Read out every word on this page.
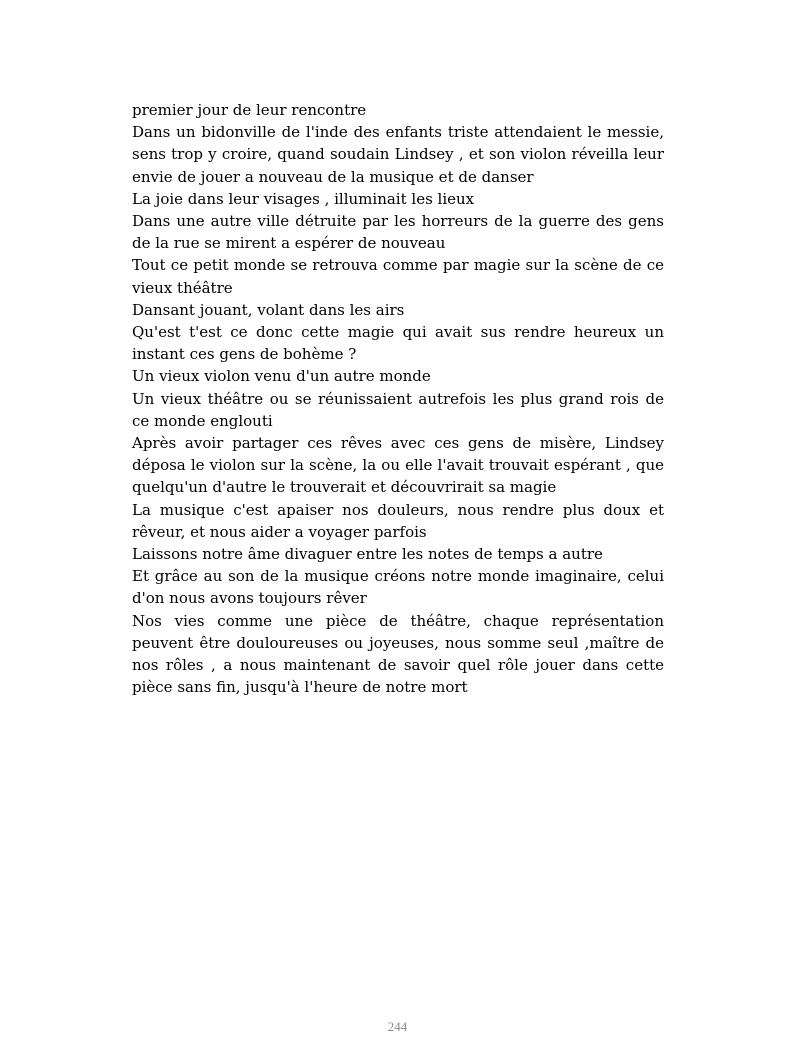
premier jour de leur rencontre

Dans un bidonville de l'inde des enfants triste attendaient le messie, sens trop y croire, quand soudain Lindsey , et son violon réveilla leur envie de jouer a nouveau de la musique et de danser

La joie dans leur visages , illuminait les lieux

Dans une autre ville détruite par les horreurs de la guerre des gens de la rue se mirent a espérer de nouveau

Tout ce petit monde se retrouva comme par magie sur la scène de ce vieux théâtre

Dansant jouant, volant dans les airs

Qu'est t'est ce donc cette magie qui avait sus rendre heureux un instant ces gens de bohème ?

Un vieux violon venu d'un autre monde

Un vieux théâtre ou se réunissaient autrefois les plus grand rois de ce monde englouti

Après avoir partager ces rêves avec ces gens de misère, Lindsey déposa le violon sur la scène, la ou elle l'avait trouvait espérant , que quelqu'un d'autre le trouverait et découvrirait sa magie

La musique c'est apaiser nos douleurs, nous rendre plus doux et rêveur, et nous aider a voyager parfois

Laissons notre âme divaguer entre les notes de temps a autre

Et grâce au son de la musique créons notre monde imaginaire, celui d'on nous avons toujours rêver

Nos vies comme une pièce de théâtre, chaque représentation peuvent être douloureuses ou joyeuses, nous somme seul ,maître de nos rôles , a nous maintenant de savoir quel rôle jouer dans cette pièce sans fin, jusqu'à l'heure de notre mort

244
